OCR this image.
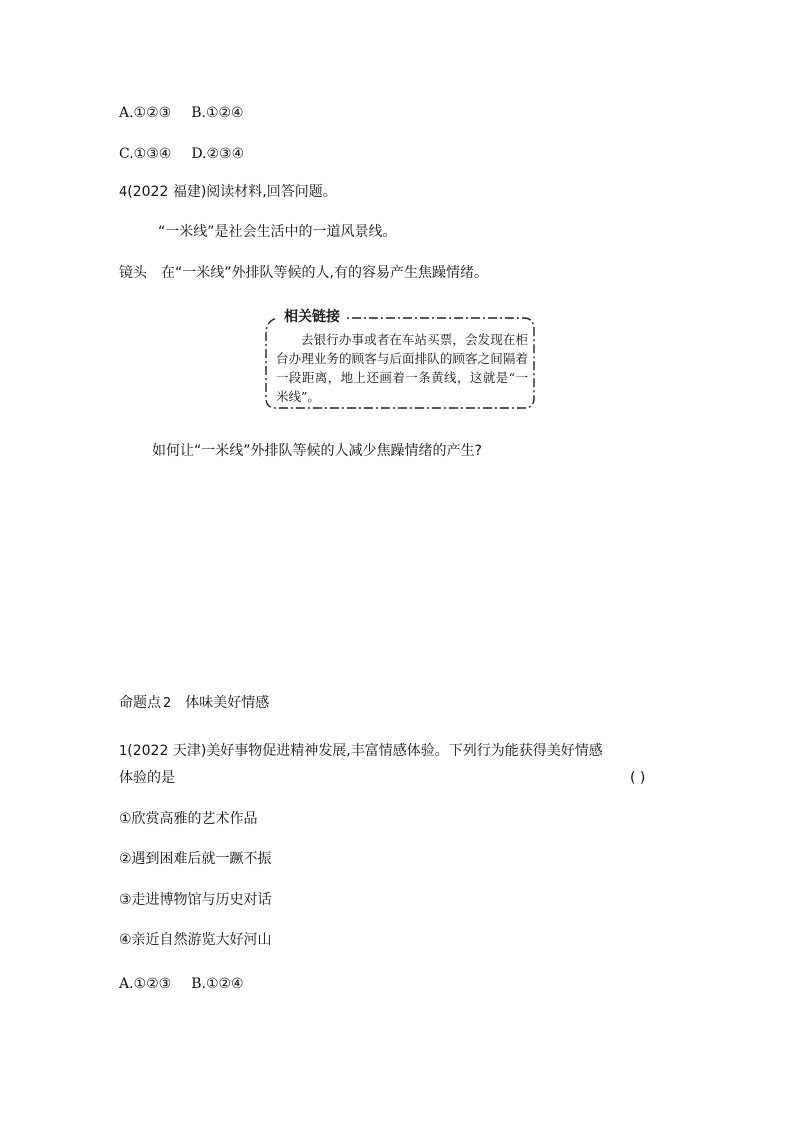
A.①②③ B.①②④
C.①③④ D.②③④
4(2022 福建)阅读材料,回答问题。
“一米线”是社会生活中的一道风景线。
镜头 在“一米线”外排队等候的人,有的容易产生焦躁情绪。
相关链接
去银行办事或者在车站买票，会发现在柜台办理业务的顾客与后面排队的顾客之间隔着一段距离，地上还画着一条黄线，这就是“一米线”。
如何让“一米线”外排队等候的人减少焦躁情绪的产生?
命题点 2 体味美好情感
1(2022 天津)美好事物促进精神发展,丰富情感体验。下列行为能获得美好情感
体验的是	( )
①欣赏高雅的艺术作品
②遇到困难后就一蹶不振
③走进博物馆与历史对话
④亲近自然游览大好河山
A.①②③ B.①②④
